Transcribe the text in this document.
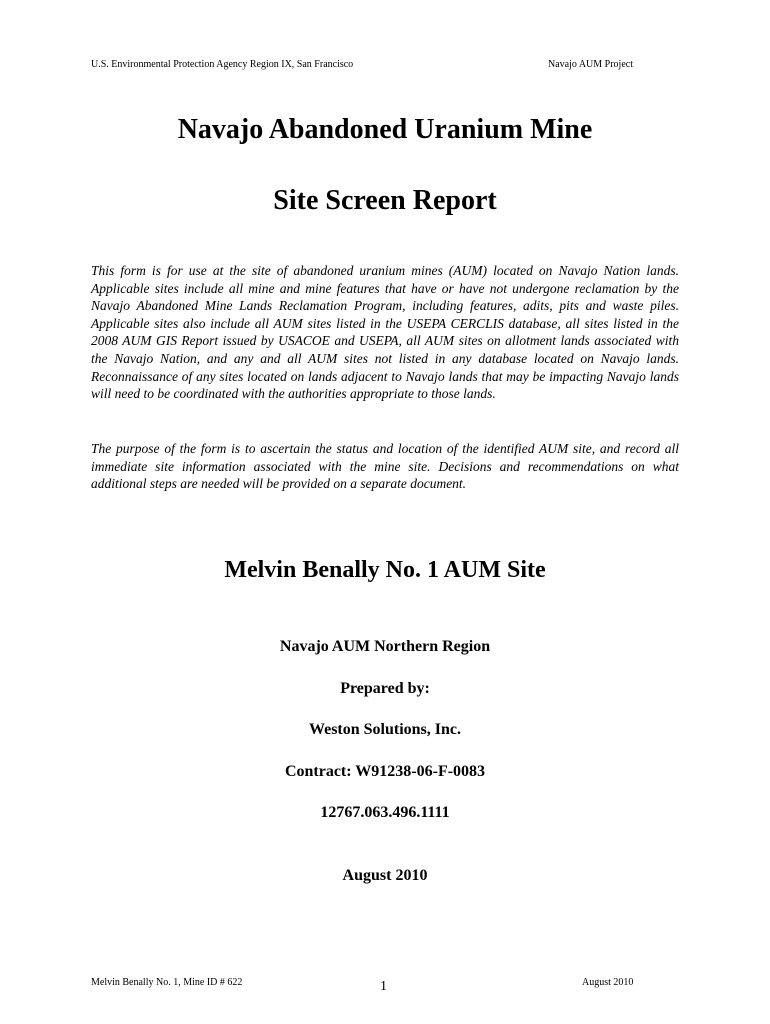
U.S. Environmental Protection Agency Region IX, San Francisco	Navajo AUM Project
Navajo Abandoned Uranium Mine
Site Screen Report

This form is for use at the site of abandoned uranium mines (AUM) located on Navajo Nation lands. Applicable sites include all mine and mine features that have or have not undergone reclamation by the Navajo Abandoned Mine Lands Reclamation Program, including features, adits, pits and waste piles. Applicable sites also include all AUM sites listed in the USEPA CERCLIS database, all sites listed in the 2008 AUM GIS Report issued by USACOE and USEPA, all AUM sites on allotment lands associated with the Navajo Nation, and any and all AUM sites not listed in any database located on Navajo lands. Reconnaissance of any sites located on lands adjacent to Navajo lands that may be impacting Navajo lands will need to be coordinated with the authorities appropriate to those lands.

The purpose of the form is to ascertain the status and location of the identified AUM site, and record all immediate site information associated with the mine site. Decisions and recommendations on what additional steps are needed will be provided on a separate document.

Melvin Benally No. 1 AUM Site
Navajo AUM Northern Region
Prepared by:
Weston Solutions, Inc.
Contract: W91238-06-F-0083
12767.063.496.1111
August 2010
Melvin Benally No. 1, Mine ID # 622	1	August 2010
